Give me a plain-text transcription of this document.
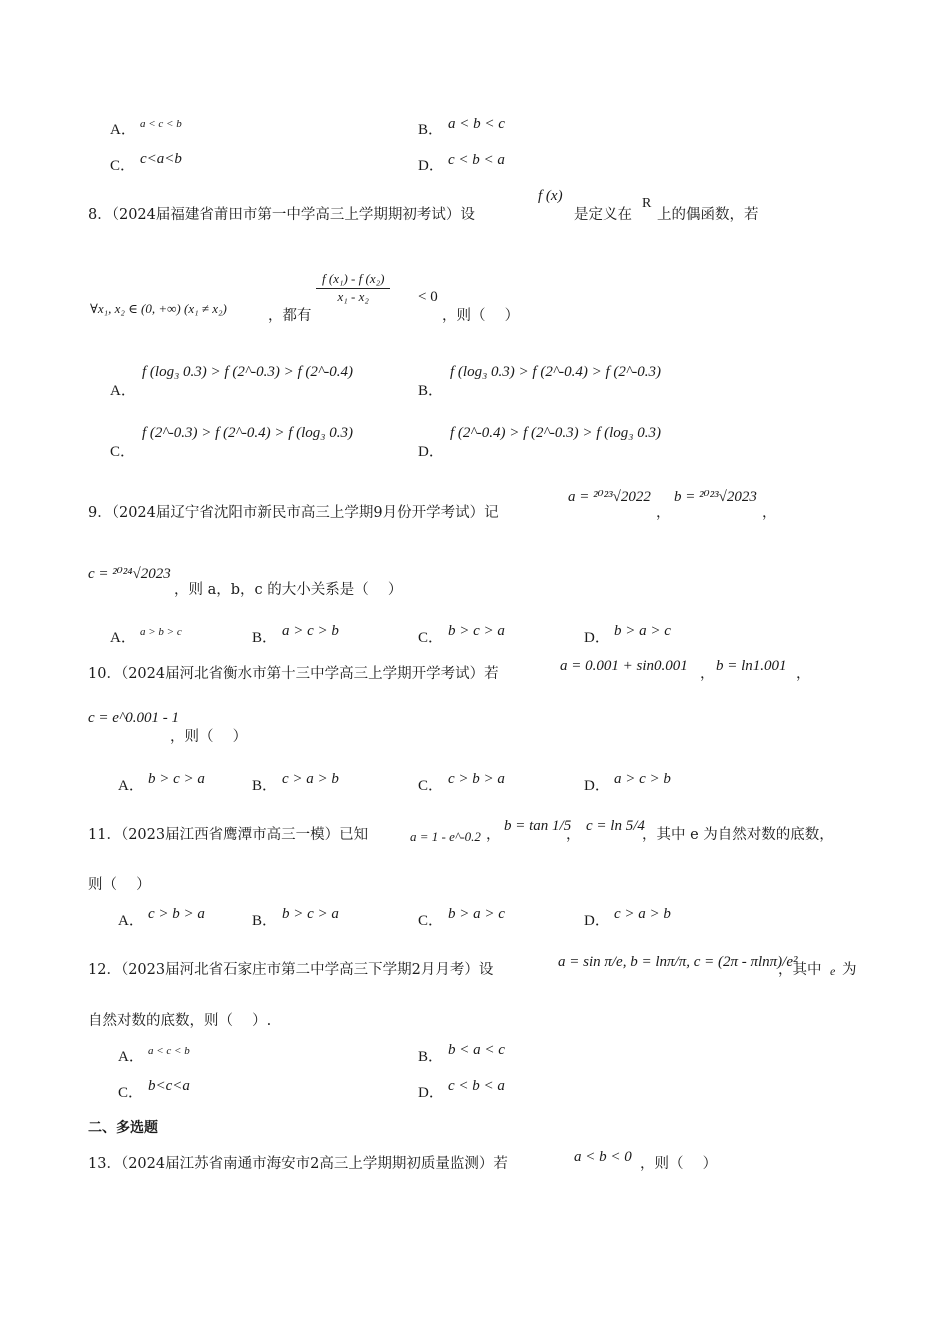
A． a < c < b	B． a < b < c
C． c<a<b	D． c < b < a
8．（2024届福建省莆田市第一中学高三上学期期初考试）设
f (x)
是定义在
R
上的偶函数，若
∀x₁, x₂ ∈ (0, +∞) (x₁ ≠ x₂)	，都有
$\frac{\text{f (x₁) - f (x₂)}}{\text{x₁ - x₂}} < 0$
，则（　 ）
A．
f (log₃ 0.3) > f (2^-0.3) > f (2^-0.4)
B．
f (log₃ 0.3) > f (2^-0.4) > f (2^-0.3)
C．
f (2^-0.3) > f (2^-0.4) > f (log₃ 0.3)
D．
f (2^-0.4) > f (2^-0.3) > f (log₃ 0.3)
9．（2024届辽宁省沈阳市新民市高三上学期9月份开学考试）记
a = ²⁰²³√2022
，
b = ²⁰²³√2023
，
c = ²⁰²⁴√2023
，则 a，b，c 的大小关系是（　 ）
A． a > b > c	B． a > c > b	C． b > c > a	D． b > a > c
10．（2024届河北省衡水市第十三中学高三上学期开学考试）若	a = 0.001 + sin0.001 ， b = ln1.001 ，
c = e^0.001 - 1
，则（　 ）
A． b > c > a	B． c > a > b	C． c > b > a	D． a > c > b
11．（2023届江西省鹰潭市高三一模）已知	a = 1 - e^-0.2 ，
b = tan 1/5
，
c = ln 5/4
，其中 e 为自然对数的底数，
则（　 ）
A． c > b > a	B． b > c > a	C． b > a > c	D． c > a > b
12．（2023届河北省石家庄市第二中学高三下学期2月月考）设	a = sin π/e, b = lnπ/π, c = (2π - πlnπ)/e²
，其中 e 为
自然对数的底数，则（　 ）.
A． a < c < b	B． b < a < c
C． b<c<a	D． c < b < a
二、多选题
13．（2024届江苏省南通市海安市2高三上学期期初质量监测）若	a < b < 0 ，则（　 ）
